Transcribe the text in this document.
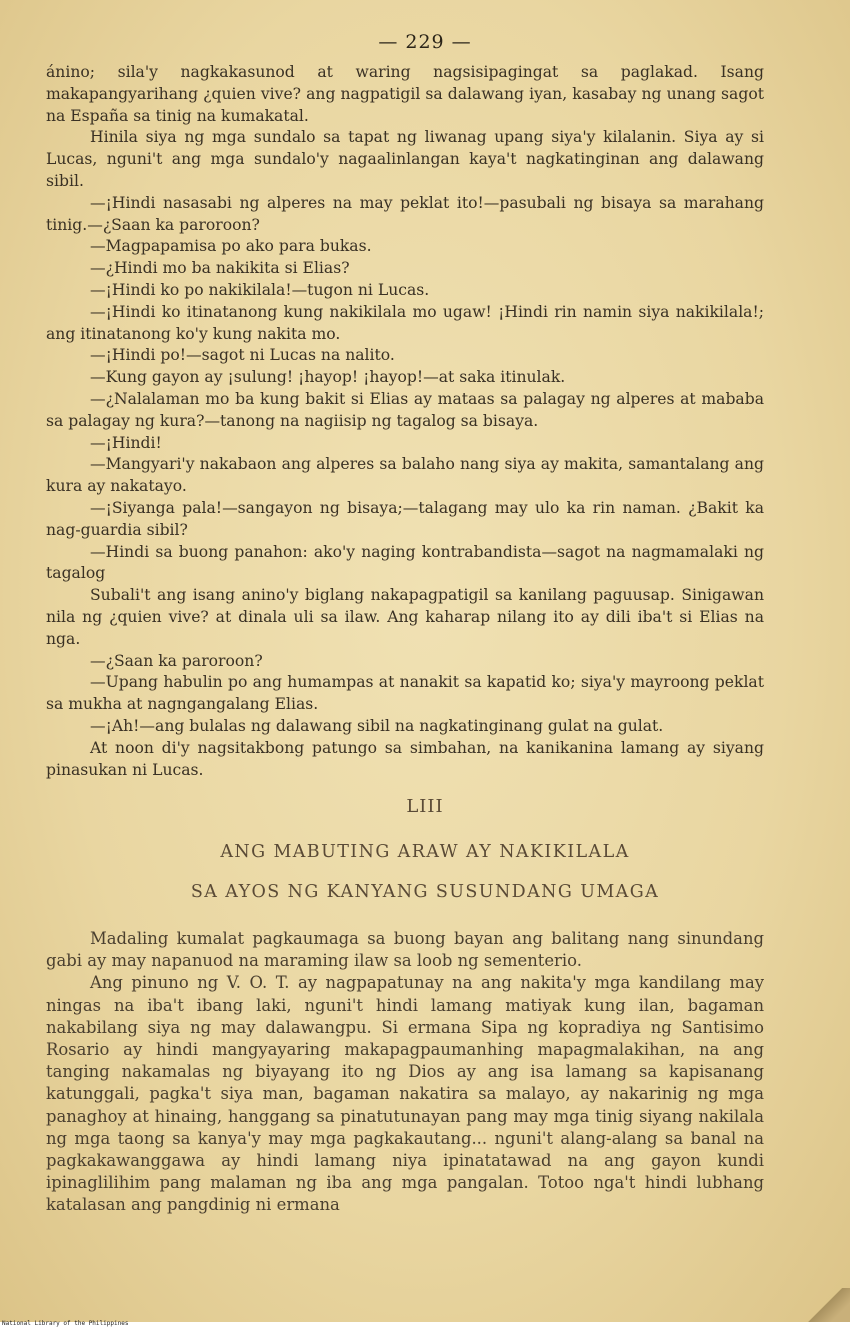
— 229 —

ánino; sila'y nagkakasunod at waring nagsisipagingat sa paglakad. Isang makapangyarihang ¿quien vive? ang nagpatigil sa dalawang iyan, kasabay ng unang sagot na España sa tinig na kumakatal.

Hinila siya ng mga sundalo sa tapat ng liwanag upang siya'y kilalanin. Siya ay si Lucas, nguni't ang mga sundalo'y nagaalinlangan kaya't nagkatinginan ang dalawang sibil.

—¡Hindi nasasabi ng alperes na may peklat ito!—pasubali ng bisaya sa marahang tinig.—¿Saan ka paroroon?

—Magpapamisa po ako para bukas.

—¿Hindi mo ba nakikita si Elias?

—¡Hindi ko po nakikilala!—tugon ni Lucas.

—¡Hindi ko itinatanong kung nakikilala mo ugaw! ¡Hindi rin namin siya nakikilala!; ang itinatanong ko'y kung nakita mo.

—¡Hindi po!—sagot ni Lucas na nalito.

—Kung gayon ay ¡sulung! ¡hayop! ¡hayop!—at saka itinulak.

—¿Nalalaman mo ba kung bakit si Elias ay mataas sa palagay ng alperes at mababa sa palagay ng kura?—tanong na nagiisip ng tagalog sa bisaya.

—¡Hindi!

—Mangyari'y nakabaon ang alperes sa balaho nang siya ay makita, samantalang ang kura ay nakatayo.

—¡Siyanga pala!—sangayon ng bisaya;—talagang may ulo ka rin naman. ¿Bakit ka nag-guardia sibil?

—Hindi sa buong panahon: ako'y naging kontrabandista—sagot na nagmamalaki ng tagalog

Subali't ang isang anino'y biglang nakapagpatigil sa kanilang paguusap. Sinigawan nila ng ¿quien vive? at dinala uli sa ilaw. Ang kaharap nilang ito ay dili iba't si Elias na nga.

—¿Saan ka paroroon?

—Upang habulin po ang humampas at nanakit sa kapatid ko; siya'y mayroong peklat sa mukha at nagngangalang Elias.

—¡Ah!—ang bulalas ng dalawang sibil na nagkatinginang gulat na gulat.

At noon di'y nagsitakbong patungo sa simbahan, na kanikanina lamang ay siyang pinasukan ni Lucas.

LIII
ANG MABUTING ARAW AY NAKIKILALA
SA AYOS NG KANYANG SUSUNDANG UMAGA

Madaling kumalat pagkaumaga sa buong bayan ang balitang nang sinundang gabi ay may napanuod na maraming ilaw sa loob ng sementerio.

Ang pinuno ng V. O. T. ay nagpapatunay na ang nakita'y mga kandilang may ningas na iba't ibang laki, nguni't hindi lamang matiyak kung ilan, bagaman nakabilang siya ng may dalawangpu. Si ermana Sipa ng kopradiya ng Santisimo Rosario ay hindi mangyayaring makapagpaumanhing mapagmalakihan, na ang tanging nakamalas ng biyayang ito ng Dios ay ang isa lamang sa kapisanang katunggali, pagka't siya man, bagaman nakatira sa malayo, ay nakarinig ng mga panaghoy at hinaing, hanggang sa pinatutunayan pang may mga tinig siyang nakilala ng mga taong sa kanya'y may mga pagkakautang... nguni't alang-alang sa banal na pagkakawanggawa ay hindi lamang niya ipinatatawad na ang gayon kundi ipinaglilihim pang malaman ng iba ang mga pangalan. Totoo nga't hindi lubhang katalasan ang pangdinig ni ermana

National Library of the Philippines
